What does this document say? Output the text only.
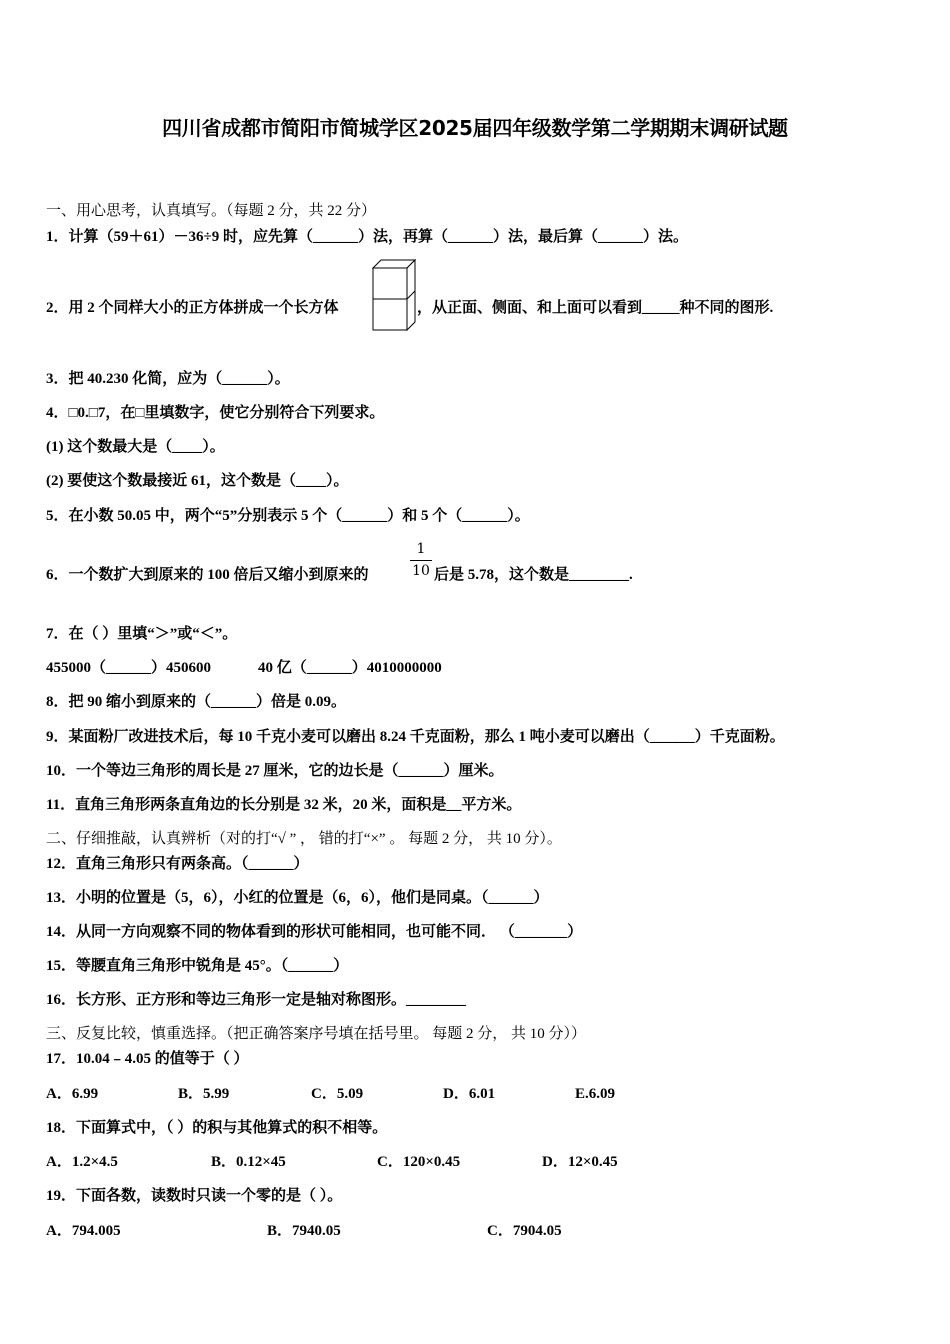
四川省成都市简阳市简城学区2025届四年级数学第二学期期末调研试题
一、用心思考，认真填写。（每题 2 分，共 22 分）
1．计算（59＋61）－36÷9 时，应先算（______）法，再算（______）法，最后算（______）法。
2．用 2 个同样大小的正方体拼成一个长方体	，从正面、侧面、和上面可以看到_____种不同的图形.
3．把 40.230 化简，应为（______）。
4．□0.□7，在□里填数字，使它分别符合下列要求。
(1) 这个数最大是（____）。
(2) 要使这个数最接近 61，这个数是（____）。
5．在小数 50.05 中，两个“5”分别表示 5 个（______）和 5 个（______）。
6．一个数扩大到原来的 100 倍后又缩小到原来的
1
10 后是 5.78，这个数是________.
7．在（ ）里填“＞”或“＜”。
455000（______）450600	40 亿（______）4010000000
8．把 90 缩小到原来的（______）倍是 0.09。
9．某面粉厂改进技术后，每 10 千克小麦可以磨出 8.24 千克面粉，那么 1 吨小麦可以磨出（______）千克面粉。
10．一个等边三角形的周长是 27 厘米，它的边长是（______）厘米。
11．直角三角形两条直角边的长分别是 32 米，20 米，面积是__平方米。
二、仔细推敲，认真辨析（对的打“√ ” ， 错的打“×” 。 每题 2 分， 共 10 分）。
12．直角三角形只有两条高。（______）
13．小明的位置是（5，6），小红的位置是（6，6），他们是同桌。（______）
14．从同一方向观察不同的物体看到的形状可能相同，也可能不同． （_______）
15．等腰直角三角形中锐角是 45°。（______）
16．长方形、正方形和等边三角形一定是轴对称图形。________
三、反复比较，慎重选择。（把正确答案序号填在括号里。 每题 2 分， 共 10 分））
17．10.04﹣4.05 的值等于（ ）
A．6.99	B．5.99	C．5.09	D．6.01	E.6.09
18．下面算式中，（ ）的积与其他算式的积不相等。
A．1.2×4.5	B．0.12×45	C．120×0.45	D．12×0.45
19．下面各数，读数时只读一个零的是（ ）。
A．794.005	B．7940.05	C．7904.05
